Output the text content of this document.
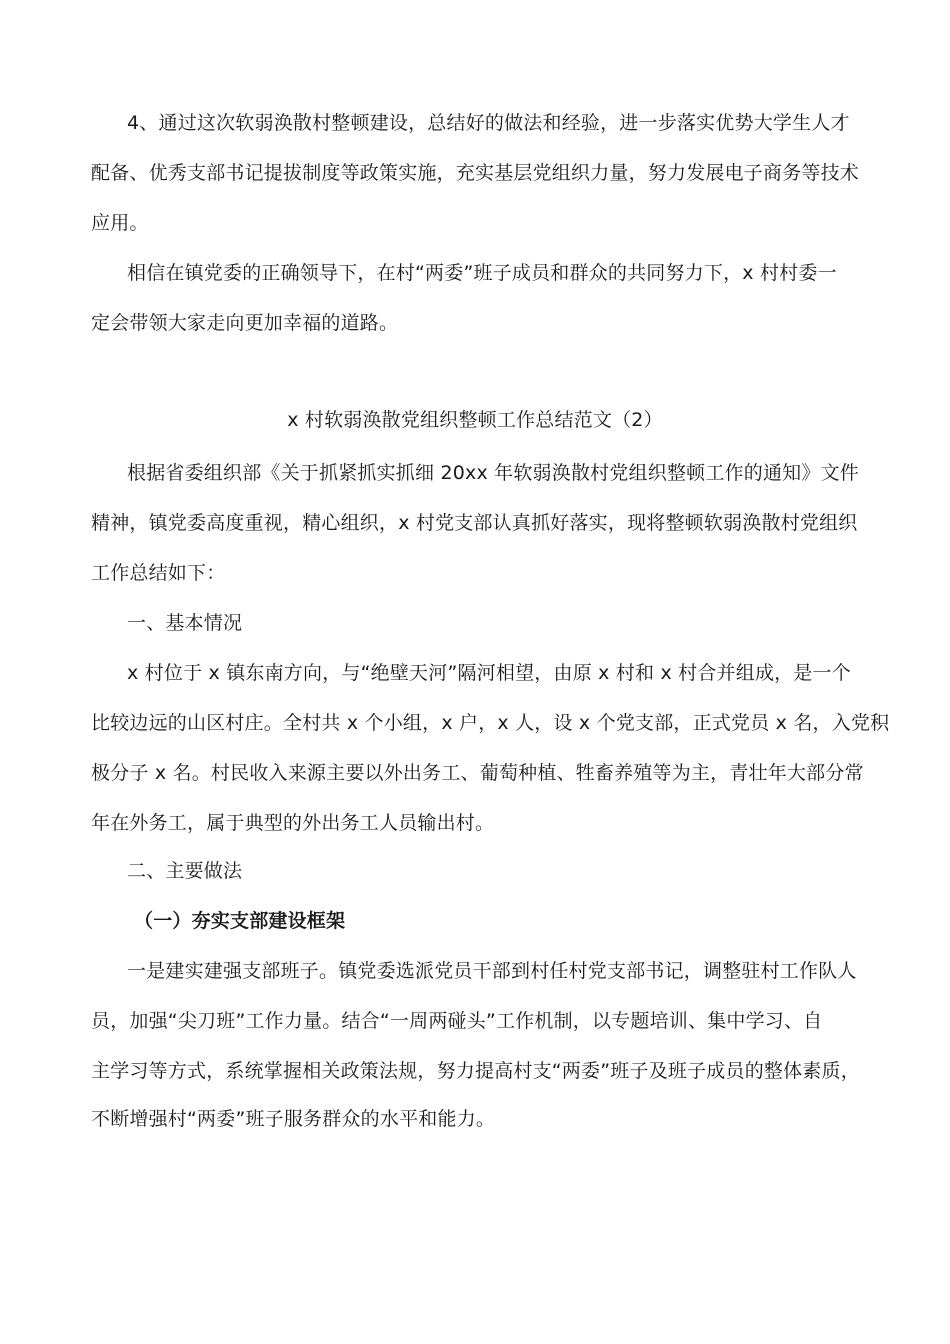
4、通过这次软弱涣散村整顿建设，总结好的做法和经验，进一步落实优势大学生人才
配备、优秀支部书记提拔制度等政策实施，充实基层党组织力量，努力发展电子商务等技术
应用。
相信在镇党委的正确领导下，在村“两委”班子成员和群众的共同努力下，x 村村委一
定会带领大家走向更加幸福的道路。
x 村软弱涣散党组织整顿工作总结范文（2）
根据省委组织部《关于抓紧抓实抓细 20xx 年软弱涣散村党组织整顿工作的通知》文件
精神，镇党委高度重视，精心组织，x 村党支部认真抓好落实，现将整顿软弱涣散村党组织
工作总结如下：
一、基本情况
x 村位于 x 镇东南方向，与“绝壁天河”隔河相望，由原 x 村和 x 村合并组成，是一个
比较边远的山区村庄。全村共 x 个小组，x 户，x 人，设 x 个党支部，正式党员 x 名，入党积
极分子 x 名。村民收入来源主要以外出务工、葡萄种植、牲畜养殖等为主，青壮年大部分常
年在外务工，属于典型的外出务工人员输出村。
二、主要做法
（一）夯实支部建设框架
一是建实建强支部班子。镇党委选派党员干部到村任村党支部书记，调整驻村工作队人
员，加强“尖刀班”工作力量。结合“一周两碰头”工作机制，以专题培训、集中学习、自
主学习等方式，系统掌握相关政策法规，努力提高村支“两委”班子及班子成员的整体素质，
不断增强村“两委”班子服务群众的水平和能力。
